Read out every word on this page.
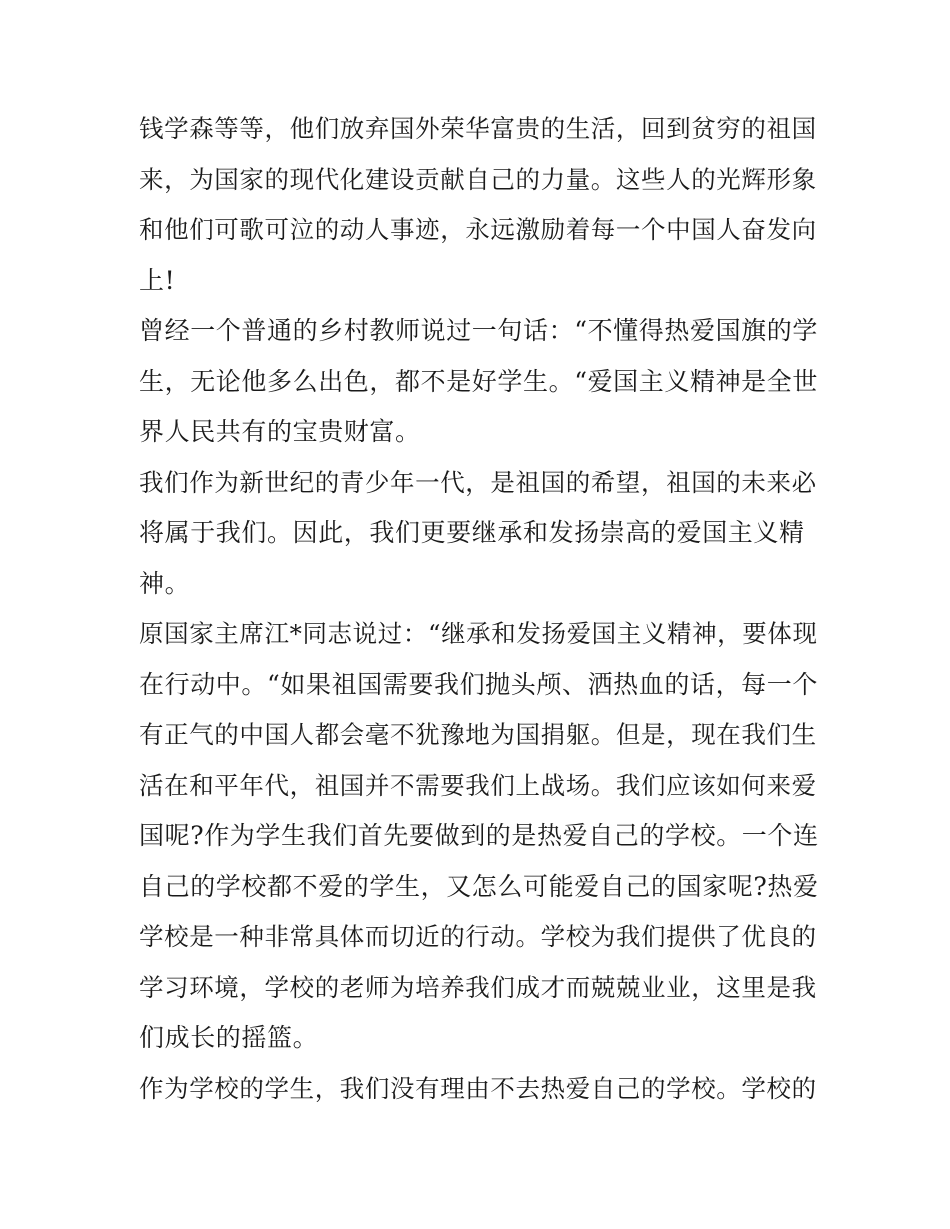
钱学森等等，他们放弃国外荣华富贵的生活，回到贫穷的祖国
来，为国家的现代化建设贡献自己的力量。这些人的光辉形象
和他们可歌可泣的动人事迹，永远激励着每一个中国人奋发向
上!
曾经一个普通的乡村教师说过一句话：“不懂得热爱国旗的学
生，无论他多么出色，都不是好学生。“爱国主义精神是全世
界人民共有的宝贵财富。
我们作为新世纪的青少年一代，是祖国的希望，祖国的未来必
将属于我们。因此，我们更要继承和发扬崇高的爱国主义精
神。
原国家主席江*同志说过：“继承和发扬爱国主义精神，要体现
在行动中。“如果祖国需要我们抛头颅、洒热血的话，每一个
有正气的中国人都会毫不犹豫地为国捐躯。但是，现在我们生
活在和平年代，祖国并不需要我们上战场。我们应该如何来爱
国呢?作为学生我们首先要做到的是热爱自己的学校。一个连
自己的学校都不爱的学生，又怎么可能爱自己的国家呢?热爱
学校是一种非常具体而切近的行动。学校为我们提供了优良的
学习环境，学校的老师为培养我们成才而兢兢业业，这里是我
们成长的摇篮。
作为学校的学生，我们没有理由不去热爱自己的学校。学校的
